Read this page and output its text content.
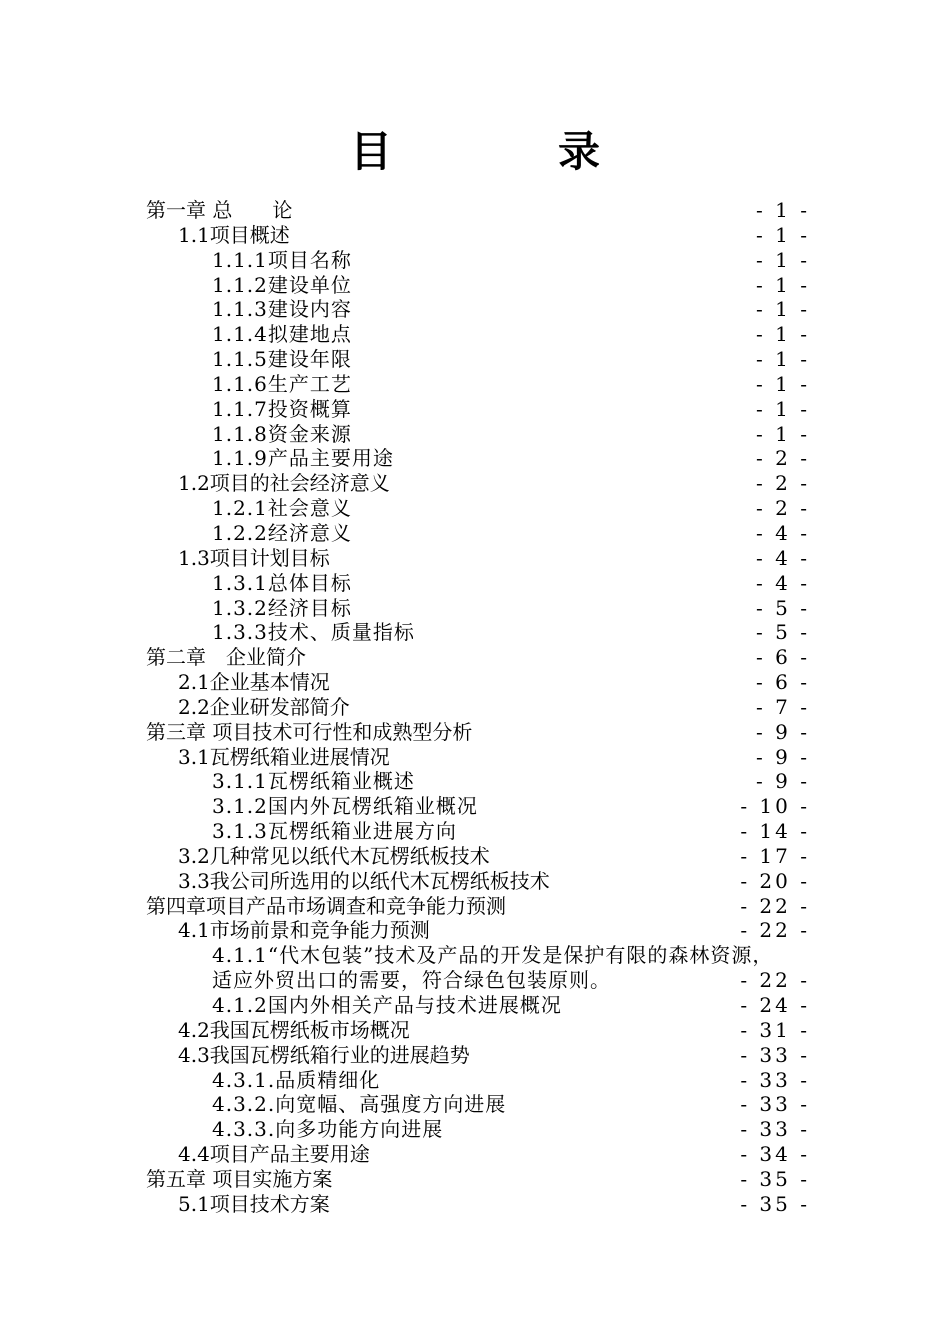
目　录
第一章 总　　论	- 1 -
1.1项目概述	- 1 -
1.1.1项目名称	- 1 -
1.1.2建设单位	- 1 -
1.1.3建设内容	- 1 -
1.1.4拟建地点	- 1 -
1.1.5建设年限	- 1 -
1.1.6生产工艺	- 1 -
1.1.7投资概算	- 1 -
1.1.8资金来源	- 1 -
1.1.9产品主要用途	- 2 -
1.2项目的社会经济意义	- 2 -
1.2.1社会意义	- 2 -
1.2.2经济意义	- 4 -
1.3项目计划目标	- 4 -
1.3.1总体目标	- 4 -
1.3.2经济目标	- 5 -
1.3.3技术、质量指标	- 5 -
第二章　企业简介	- 6 -
2.1企业基本情况	- 6 -
2.2企业研发部简介	- 7 -
第三章 项目技术可行性和成熟型分析	- 9 -
3.1瓦楞纸箱业进展情况	- 9 -
3.1.1瓦楞纸箱业概述	- 9 -
3.1.2国内外瓦楞纸箱业概况	- 10 -
3.1.3瓦楞纸箱业进展方向	- 14 -
3.2几种常见以纸代木瓦楞纸板技术	- 17 -
3.3我公司所选用的以纸代木瓦楞纸板技术	- 20 -
第四章项目产品市场调查和竞争能力预测	- 22 -
4.1市场前景和竞争能力预测	- 22 -
4.1.1“代木包装”技术及产品的开发是保护有限的森林资源，
适应外贸出口的需要，符合绿色包装原则。	- 22 -
4.1.2国内外相关产品与技术进展概况	- 24 -
4.2我国瓦楞纸板市场概况	- 31 -
4.3我国瓦楞纸箱行业的进展趋势	- 33 -
4.3.1.品质精细化	- 33 -
4.3.2.向宽幅、高强度方向进展	- 33 -
4.3.3.向多功能方向进展	- 33 -
4.4项目产品主要用途	- 34 -
第五章 项目实施方案	- 35 -
5.1项目技术方案	- 35 -
